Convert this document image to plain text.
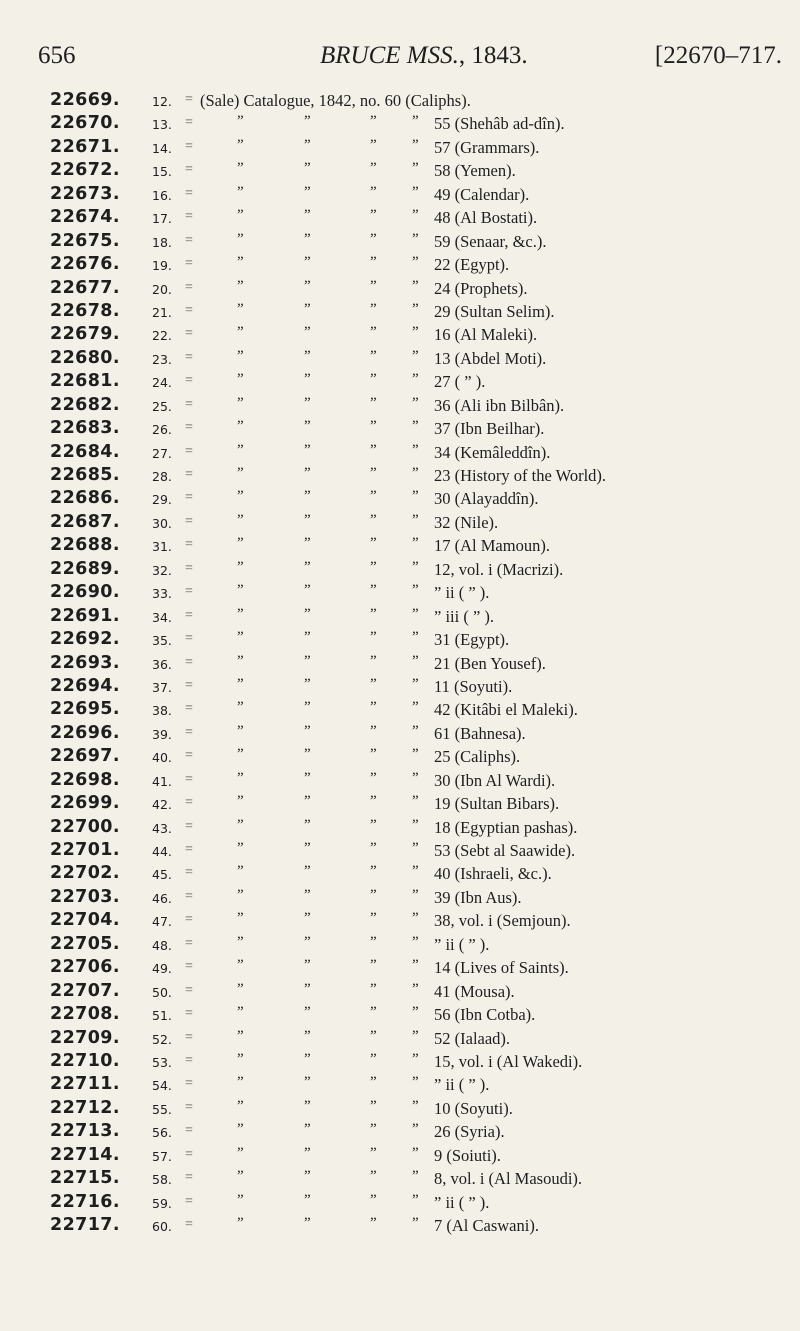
656	BRUCE MSS., 1843.	[22670–717.
22669.	12. = (Sale) Catalogue, 1842, no. 60 (Caliphs).
22670.	13. =	”	”	” ” 55 (Shehâb ad-dîn).
22671.	14. =	”	”	” ” 57 (Grammars).
22672.	15. =	”	”	” ” 58 (Yemen).
22673.	16. =	”	”	” ” 49 (Calendar).
22674.	17. =	”	”	” ” 48 (Al Bostati).
22675.	18. =	”	”	” ” 59 (Senaar, &c.).
22676.	19. =	”	”	” ” 22 (Egypt).
22677.	20. =	”	”	” ” 24 (Prophets).
22678.	21. =	”	”	” ” 29 (Sultan Selim).
22679.	22. =	”	”	” ” 16 (Al Maleki).
22680.	23. =	”	”	” ” 13 (Abdel Moti).
22681.	24. =	”	”	” ” 27 ( ” ).
22682.	25. =	”	”	” ” 36 (Ali ibn Bilbân).
22683.	26. =	”	”	” ” 37 (Ibn Beilhar).
22684.	27. =	”	”	” ” 34 (Kemâleddîn).
22685.	28. =	”	”	” ” 23 (History of the World).
22686.	29. =	”	”	” ” 30 (Alayaddîn).
22687.	30. =	”	”	” ” 32 (Nile).
22688.	31. =	”	”	” ” 17 (Al Mamoun).
22689.	32. =	”	”	” ” 12, vol. i (Macrizi).
22690.	33. =	”	”	” ” ” ii ( ” ).
22691.	34. =	”	”	” ” ” iii ( ” ).
22692.	35. =	”	”	” ” 31 (Egypt).
22693.	36. =	”	”	” ” 21 (Ben Yousef).
22694.	37. =	”	”	” ” 11 (Soyuti).
22695.	38. =	”	”	” ” 42 (Kitâbi el Maleki).
22696.	39. =	”	”	” ” 61 (Bahnesa).
22697.	40. =	”	”	” ” 25 (Caliphs).
22698.	41. =	”	”	” ” 30 (Ibn Al Wardi).
22699.	42. =	”	”	” ” 19 (Sultan Bibars).
22700.	43. =	”	”	” ” 18 (Egyptian pashas).
22701.	44. =	”	”	” ” 53 (Sebt al Saawide).
22702.	45. =	”	”	” ” 40 (Ishraeli, &c.).
22703.	46. =	”	”	” ” 39 (Ibn Aus).
22704.	47. =	”	”	” ” 38, vol. i (Semjoun).
22705.	48. =	”	”	” ” ” ii ( ” ).
22706.	49. =	”	”	” ” 14 (Lives of Saints).
22707.	50. =	”	”	” ” 41 (Mousa).
22708.	51. =	”	”	” ” 56 (Ibn Cotba).
22709.	52. =	”	”	” ” 52 (Ialaad).
22710.	53. =	”	”	” ” 15, vol. i (Al Wakedi).
22711.	54. =	”	”	” ” ” ii ( ” ).
22712.	55. =	”	”	” ” 10 (Soyuti).
22713.	56. =	”	”	” ” 26 (Syria).
22714.	57. =	”	”	” ” 9 (Soiuti).
22715.	58. =	”	”	” ” 8, vol. i (Al Masoudi).
22716.	59. =	”	”	” ” ” ii ( ” ).
22717.	60. =	”	”	” ” 7 (Al Caswani).
